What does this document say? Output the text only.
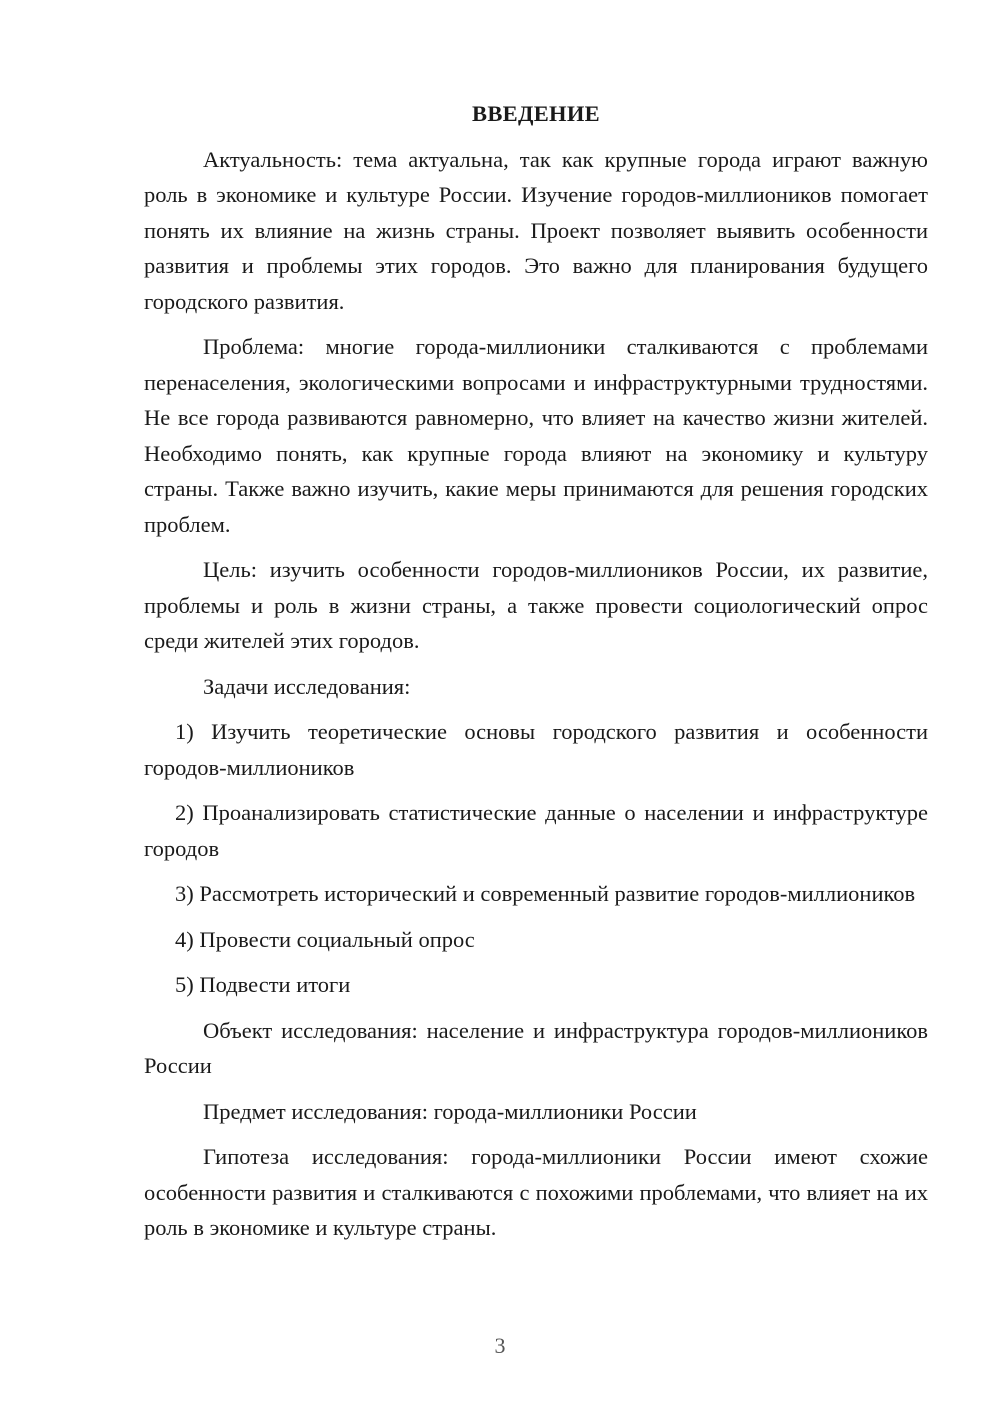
ВВЕДЕНИЕ

Актуальность: тема актуальна, так как крупные города играют важную роль в экономике и культуре России. Изучение городов-миллиоников помогает понять их влияние на жизнь страны. Проект позволяет выявить особенности развития и проблемы этих городов. Это важно для планирования будущего городского развития.

Проблема: многие города-миллионики сталкиваются с проблемами перенаселения, экологическими вопросами и инфраструктурными трудностями. Не все города развиваются равномерно, что влияет на качество жизни жителей. Необходимо понять, как крупные города влияют на экономику и культуру страны. Также важно изучить, какие меры принимаются для решения городских проблем.

Цель: изучить особенности городов-миллиоников России, их развитие, проблемы и роль в жизни страны, а также провести социологический опрос среди жителей этих городов.

Задачи исследования:

1) Изучить теоретические основы городского развития и особенности городов-миллиоников

2) Проанализировать статистические данные о населении и инфраструктуре городов

3) Рассмотреть исторический и современный развитие городов-миллиоников

4) Провести социальный опрос

5) Подвести итоги

Объект исследования: население и инфраструктура городов-миллиоников России

Предмет исследования: города-миллионики России

Гипотеза исследования: города-миллионики России имеют схожие особенности развития и сталкиваются с похожими проблемами, что влияет на их роль в экономике и культуре страны.

3
